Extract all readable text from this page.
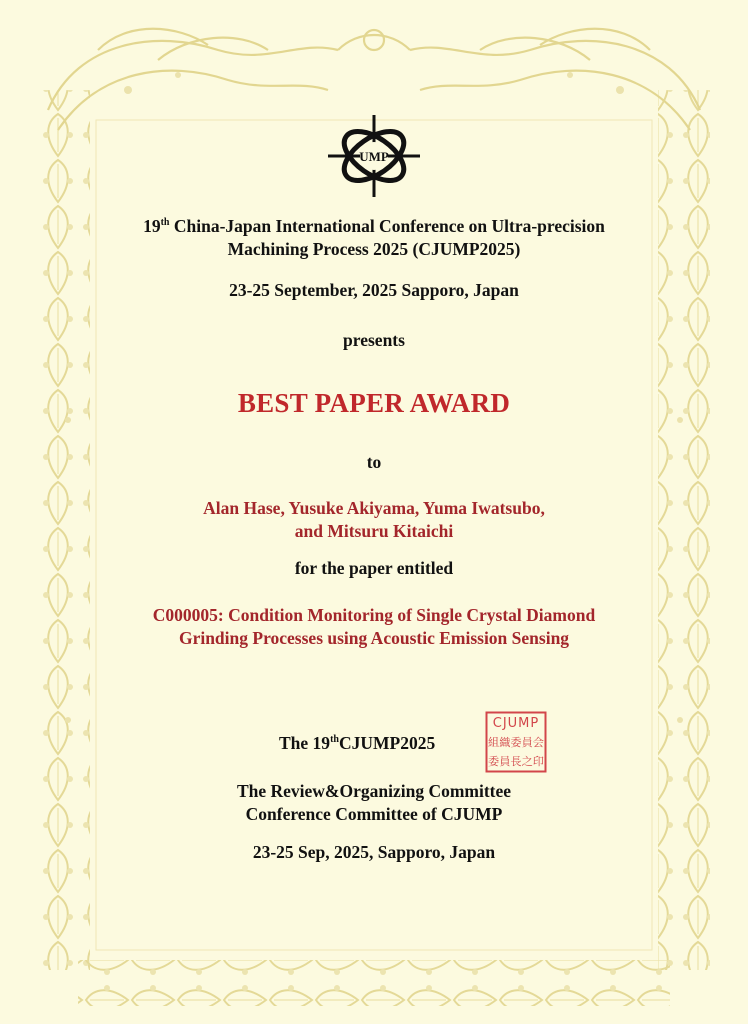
UMP
19th China-Japan International Conference on Ultra-precision
Machining Process 2025 (CJUMP2025)
23-25 September, 2025 Sapporo, Japan
presents
BEST PAPER AWARD
to
Alan Hase, Yusuke Akiyama, Yuma Iwatsubo,
and Mitsuru Kitaichi
for the paper entitled
C000005: Condition Monitoring of Single Crystal Diamond
Grinding Processes using Acoustic Emission Sensing
The 19thCJUMP2025
CJUMP
組織委員会
委員長之印
The Review&Organizing Committee
Conference Committee of CJUMP
23-25 Sep, 2025, Sapporo, Japan
